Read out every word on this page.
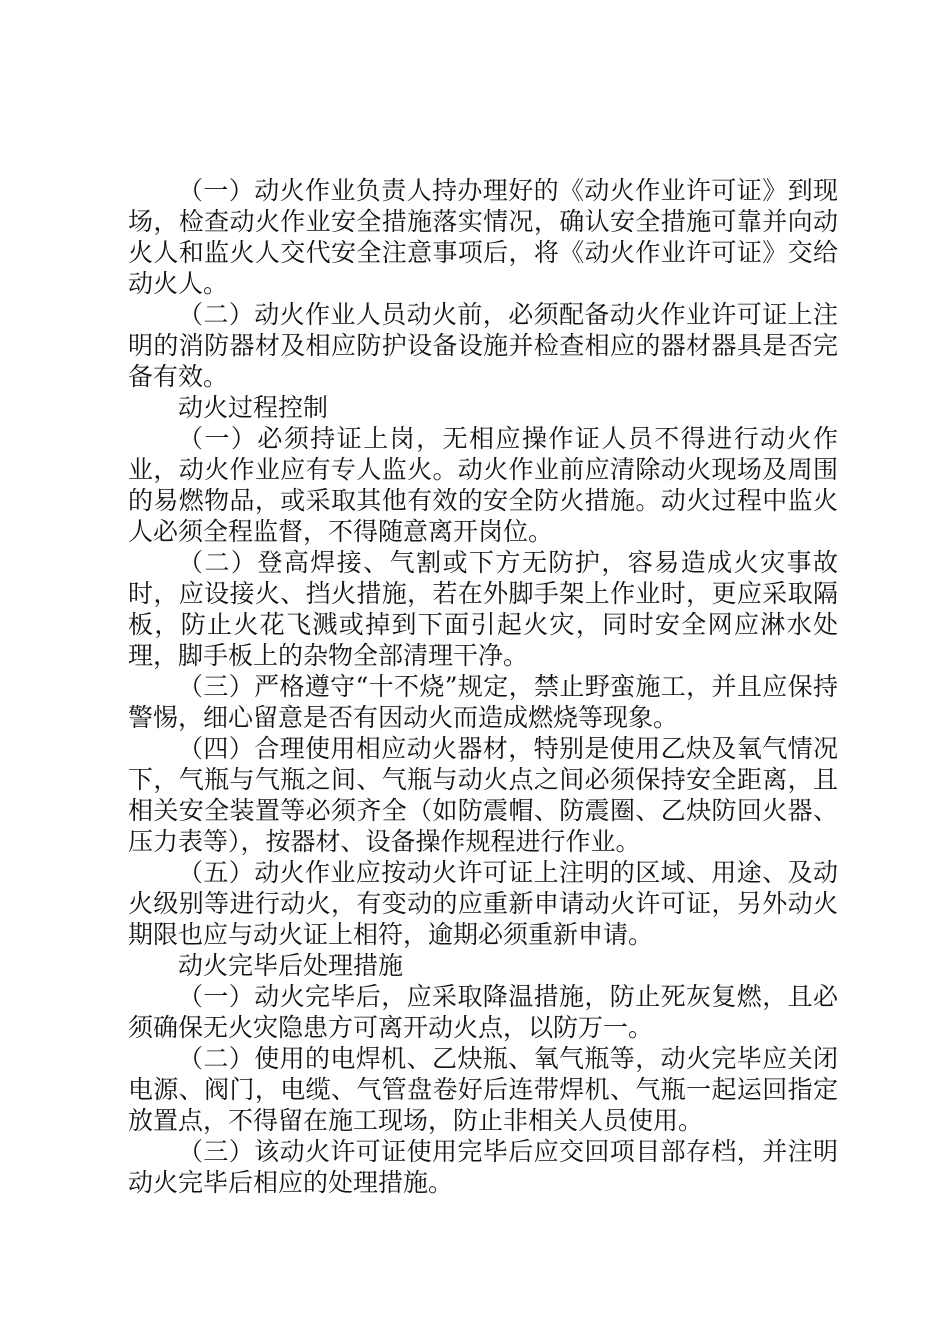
（一）动火作业负责人持办理好的《动火作业许可证》到现场，检查动火作业安全措施落实情况，确认安全措施可靠并向动火人和监火人交代安全注意事项后，将《动火作业许可证》交给动火人。

（二）动火作业人员动火前，必须配备动火作业许可证上注明的消防器材及相应防护设备设施并检查相应的器材器具是否完备有效。

动火过程控制

（一）必须持证上岗，无相应操作证人员不得进行动火作业，动火作业应有专人监火。动火作业前应清除动火现场及周围的易燃物品，或采取其他有效的安全防火措施。动火过程中监火人必须全程监督，不得随意离开岗位。

（二）登高焊接、气割或下方无防护，容易造成火灾事故时，应设接火、挡火措施，若在外脚手架上作业时，更应采取隔板，防止火花飞溅或掉到下面引起火灾，同时安全网应淋水处理，脚手板上的杂物全部清理干净。

（三）严格遵守“十不烧”规定，禁止野蛮施工，并且应保持警惕，细心留意是否有因动火而造成燃烧等现象。

（四）合理使用相应动火器材，特别是使用乙炔及氧气情况下，气瓶与气瓶之间、气瓶与动火点之间必须保持安全距离，且相关安全装置等必须齐全（如防震帽、防震圈、乙炔防回火器、压力表等），按器材、设备操作规程进行作业。

（五）动火作业应按动火许可证上注明的区域、用途、及动火级别等进行动火，有变动的应重新申请动火许可证，另外动火期限也应与动火证上相符，逾期必须重新申请。

动火完毕后处理措施

（一）动火完毕后，应采取降温措施，防止死灰复燃，且必须确保无火灾隐患方可离开动火点，以防万一。

（二）使用的电焊机、乙炔瓶、氧气瓶等，动火完毕应关闭电源、阀门，电缆、气管盘卷好后连带焊机、气瓶一起运回指定放置点，不得留在施工现场，防止非相关人员使用。

（三）该动火许可证使用完毕后应交回项目部存档，并注明动火完毕后相应的处理措施。
